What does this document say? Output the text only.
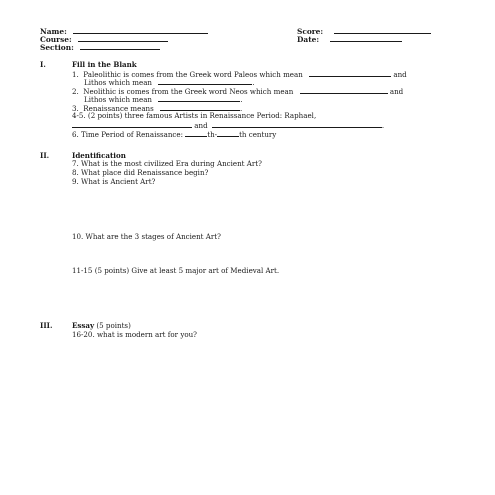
Name:
Course:
Section:
Score:
Date:
I.	Fill in the Blank
1.  Paleolithic is comes from the Greek word Paleos which mean	and
Lithos which mean	.
2.  Neolithic is comes from the Greek word Neos which mean	and
Lithos which mean	.
3.  Renaissance means	.
4-5. (2 points) three famous Artists in Renaissance Period: Raphael,
and	.
6. Time Period of Renaissance:	th-	th century
II.	Identification
7. What is the most civilized Era during Ancient Art?
8. What place did Renaissance begin?
9. What is Ancient Art?
10. What are the 3 stages of Ancient Art?
11-15 (5 points) Give at least 5 major art of Medieval Art.
III.	Essay (5 points)
16-20. what is modern art for you?
